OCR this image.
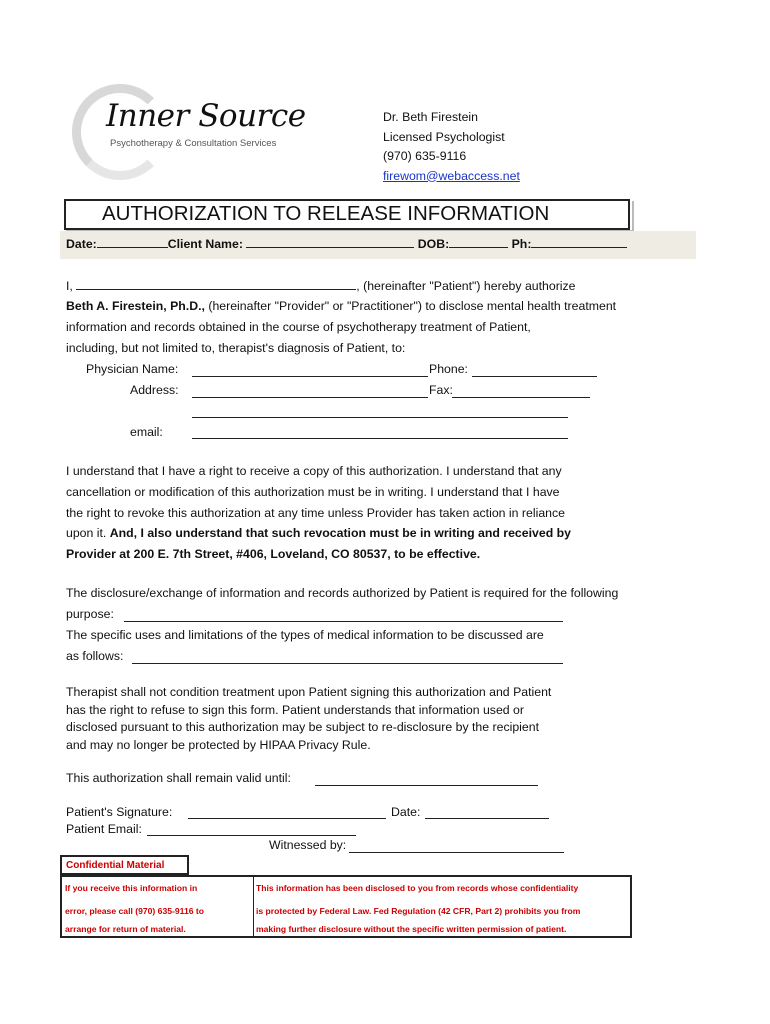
Inner Source
Psychotherapy & Consultation Services
Dr. Beth Firestein
Licensed Psychologist
(970) 635-9116
firewom@webaccess.net
AUTHORIZATION TO RELEASE INFORMATION
Date:	Client Name:	DOB:	Ph:
I,	, (hereinafter "Patient") hereby authorize
Beth A. Firestein, Ph.D., (hereinafter "Provider" or "Practitioner") to disclose mental health treatment
information and records obtained in the course of psychotherapy treatment of Patient,
including, but not limited to, therapist's diagnosis of Patient, to:
Physician Name:	Phone:
Address:	Fax:
email:
I understand that I have a right to receive a copy of this authorization. I understand that any
cancellation or modification of this authorization must be in writing. I understand that I have
the right to revoke this authorization at any time unless Provider has taken action in reliance
upon it. And, I also understand that such revocation must be in writing and received by
Provider at 200 E. 7th Street, #406, Loveland, CO 80537, to be effective.
The disclosure/exchange of information and records authorized by Patient is required for the following
purpose:
The specific uses and limitations of the types of medical information to be discussed are
as follows:
Therapist shall not condition treatment upon Patient signing this authorization and Patient
has the right to refuse to sign this form. Patient understands that information used or
disclosed pursuant to this authorization may be subject to re-disclosure by the recipient
and may no longer be protected by HIPAA Privacy Rule.
This authorization shall remain valid until:
Patient's Signature:	Date:
Patient Email:
Witnessed by:
Confidential Material
If you receive this information in
error, please call (970) 635-9116 to
arrange for return of material.
This information has been disclosed to you from records whose confidentiality
is protected by Federal Law. Fed Regulation (42 CFR, Part 2) prohibits you from
making further disclosure without the specific written permission of patient.
